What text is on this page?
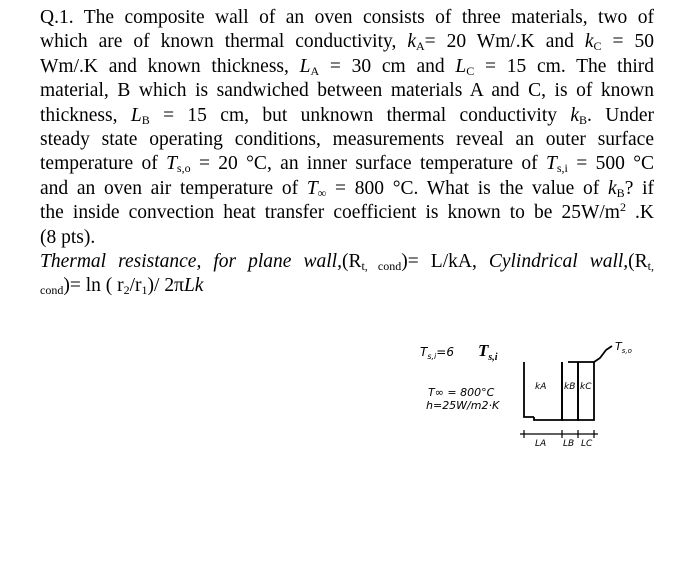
Q.1. The composite wall of an oven consists of three materials, two of
which are of known thermal conductivity, $k_A= 20$ Wm/.K and $k_C = 50$
Wm/.K and known thickness, $L_A = 30$ cm and $L_C = 15$ cm. The third
material, B which is sandwiched between materials A and C, is of known
thickness, $L_B = 15$ cm, but unknown thermal conductivity $k_B$. Under
steady state operating conditions, measurements reveal an outer surface
temperature of $T_{s,o} = 20$ °C, an inner surface temperature of $T_{s,i} = 500$ °C
and an oven air temperature of $T_\infty = 800$ °C. What is the value of $k_B$? if
the inside convection heat transfer coefficient is known to be $25W/m^2$ .K
(8 pts).
Thermal resistance, for plane $wall,(R_{t, cond})= L/kA$, Cylindrical $wall,(R_{t,}$
$_{cond}$)= ln ( $r_2/r_1)/$ 2πLk
$T_{s,i}=6$ $T_{s,i}$
T∞ = 800°C
h=25W/m2·K
$T_{s,o}$
kA kB kC
LA LB LC
